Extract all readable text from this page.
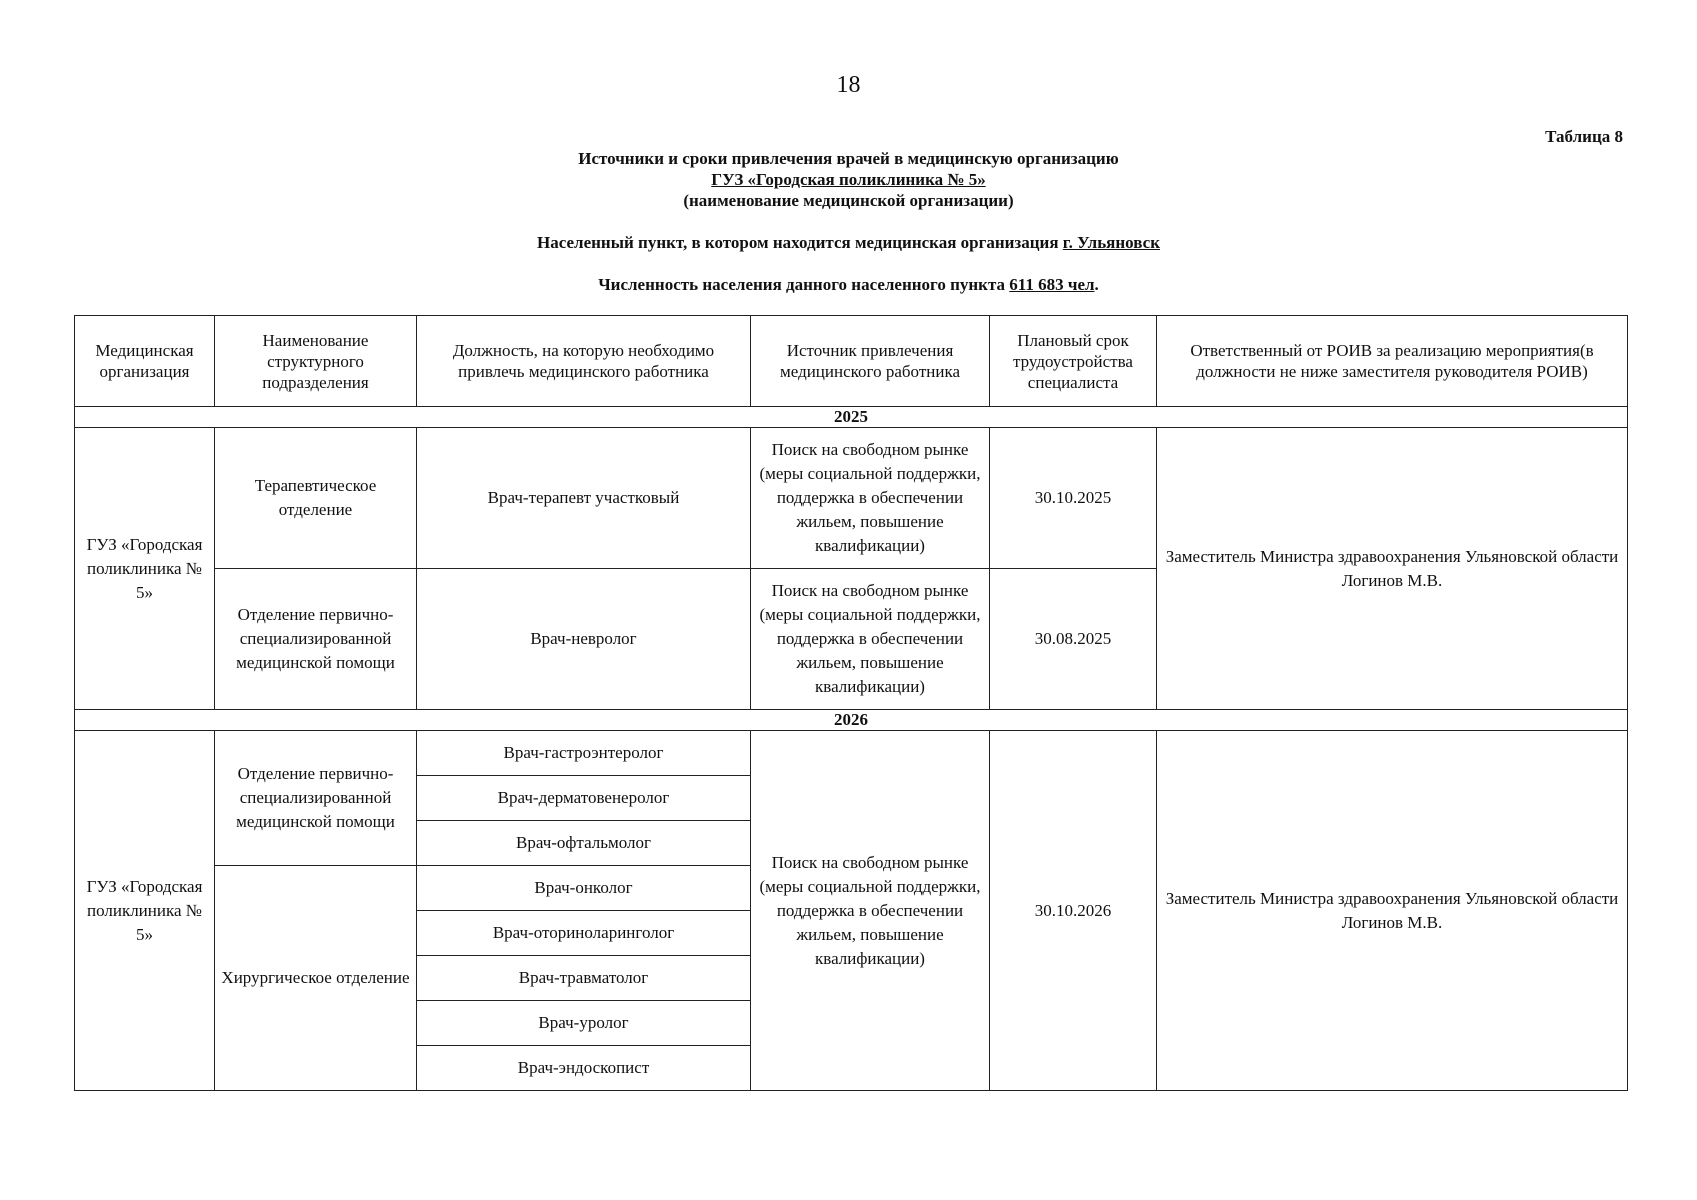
18
Таблица 8
Источники и сроки привлечения врачей в медицинскую организацию
ГУЗ «Городская поликлиника № 5»
(наименование медицинской организации)
Населенный пункт, в котором находится медицинская организация г. Ульяновск
Численность населения данного населенного пункта 611 683 чел.
Медицинская организация	Наименование структурного подразделения	Должность, на которую необходимо привлечь медицинского работника	Источник привлечения медицинского работника	Плановый срок трудоустройства специалиста	Ответственный от РОИВ за реализацию мероприятия(в должности не ниже заместителя руководителя РОИВ)
2025					
ГУЗ «Городская поликлиника № 5»	Терапевтическое отделение	Врач-терапевт участковый	Поиск на свободном рынке (меры социальной поддержки, поддержка в обеспечении жильем, повышение квалификации)	30.10.2025	Заместитель Министра здравоохранения Ульяновской области Логинов М.В.
	Отделение первично-специализированной медицинской помощи	Врач-невролог	Поиск на свободном рынке (меры социальной поддержки, поддержка в обеспечении жильем, повышение квалификации)	30.08.2025	
2026					
ГУЗ «Городская поликлиника № 5»	Отделение первично-специализированной медицинской помощи	Врач-гастроэнтеролог	Поиск на свободном рынке (меры социальной поддержки, поддержка в обеспечении жильем, повышение квалификации)	30.10.2026	Заместитель Министра здравоохранения Ульяновской области Логинов М.В.
		Врач-дерматовенеролог			
		Врач-офтальмолог			
	Хирургическое отделение	Врач-онколог			
		Врач-оториноларинголог			
		Врач-травматолог			
		Врач-уролог			
		Врач-эндоскопист			
